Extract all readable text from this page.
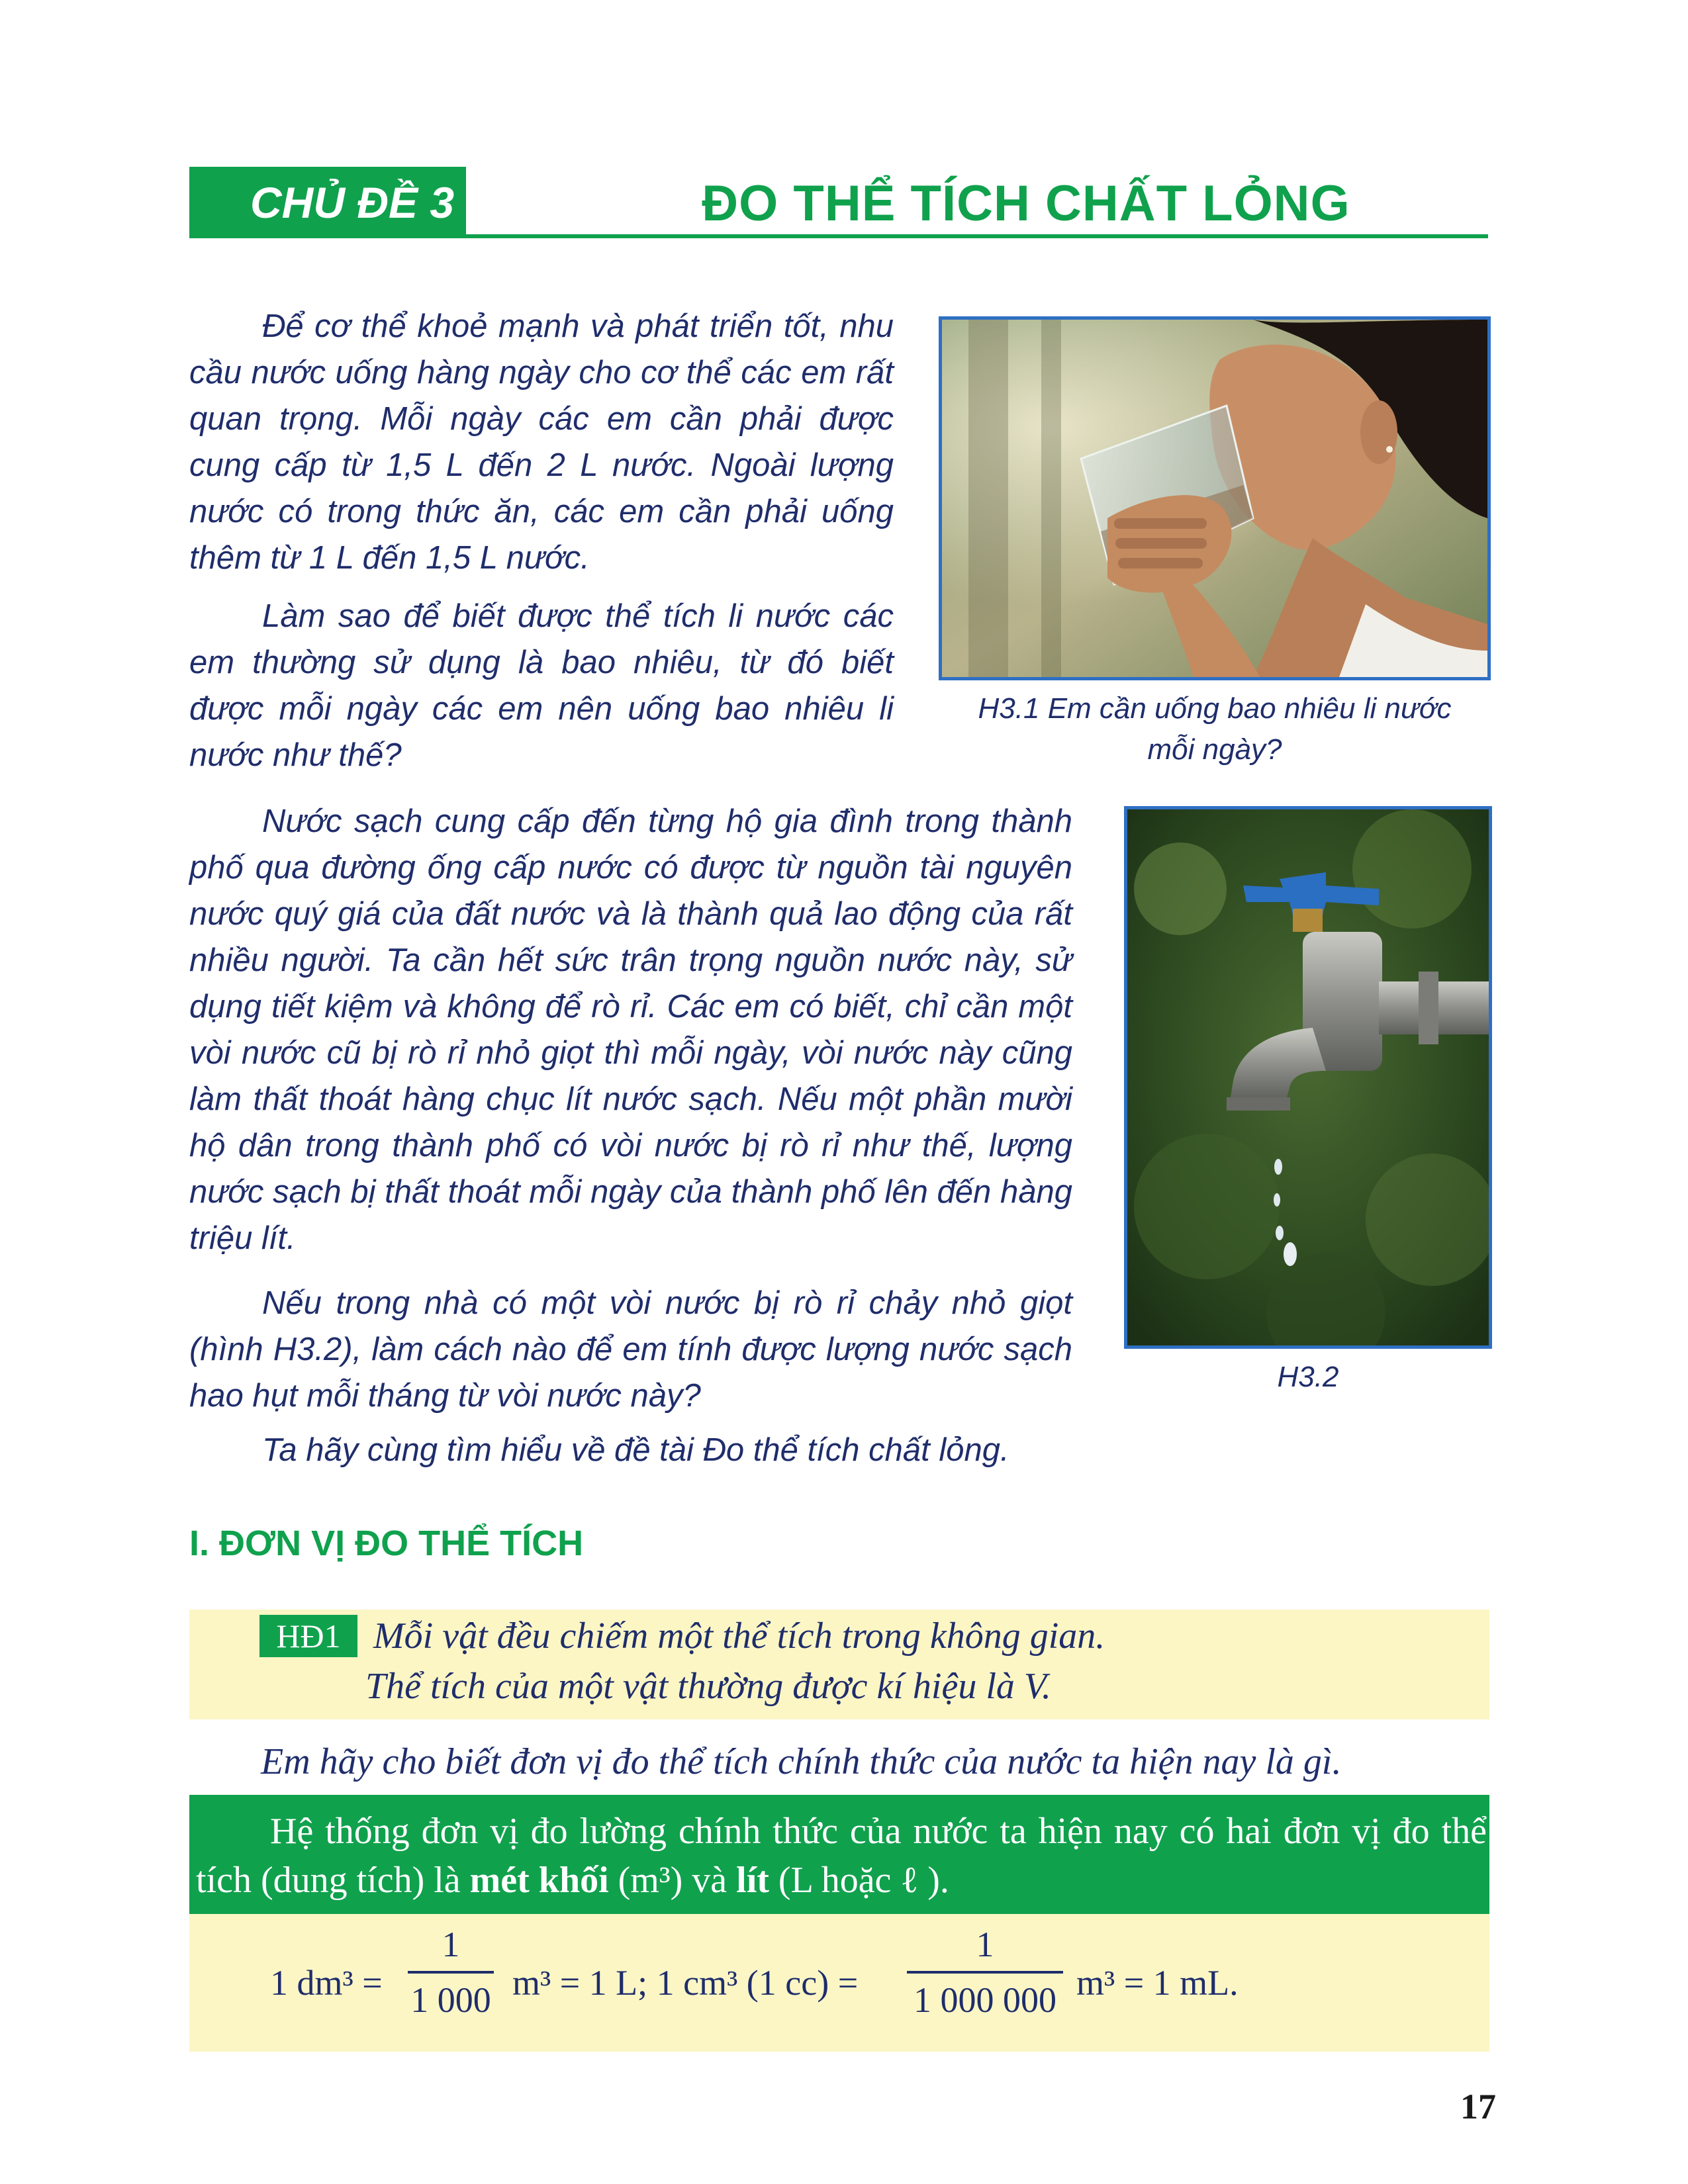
CHỦ ĐỀ 3	ĐO THỂ TÍCH CHẤT LỎNG

Để cơ thể khoẻ mạnh và phát triển tốt, nhu cầu nước uống hàng ngày cho cơ thể các em rất quan trọng. Mỗi ngày các em cần phải được cung cấp từ 1,5 L đến 2 L nước. Ngoài lượng nước có trong thức ăn, các em cần phải uống thêm từ 1 L đến 1,5 L nước.

Làm sao để biết được thể tích li nước các em thường sử dụng là bao nhiêu, từ đó biết được mỗi ngày các em nên uống bao nhiêu li nước như thế?

Nước sạch cung cấp đến từng hộ gia đình trong thành phố qua đường ống cấp nước có được từ nguồn tài nguyên nước quý giá của đất nước và là thành quả lao động của rất nhiều người. Ta cần hết sức trân trọng nguồn nước này, sử dụng tiết kiệm và không để rò rỉ. Các em có biết, chỉ cần một vòi nước cũ bị rò rỉ nhỏ giọt thì mỗi ngày, vòi nước này cũng làm thất thoát hàng chục lít nước sạch. Nếu một phần mười hộ dân trong thành phố có vòi nước bị rò rỉ như thế, lượng nước sạch bị thất thoát mỗi ngày của thành phố lên đến hàng triệu lít.

Nếu trong nhà có một vòi nước bị rò rỉ chảy nhỏ giọt (hình H3.2), làm cách nào để em tính được lượng nước sạch hao hụt mỗi tháng từ vòi nước này?

Ta hãy cùng tìm hiểu về đề tài Đo thể tích chất lỏng.

H3.1 Em cần uống bao nhiêu li nước
mỗi ngày?
H3.2
I. ĐƠN VỊ ĐO THỂ TÍCH
HĐ1 Mỗi vật đều chiếm một thể tích trong không gian.
Thể tích của một vật thường được kí hiệu là V.
Em hãy cho biết đơn vị đo thể tích chính thức của nước ta hiện nay là gì.
Hệ thống đơn vị đo lường chính thức của nước ta hiện nay có hai đơn vị đo thể tích (dung tích) là mét khối (m³) và lít (L hoặc ℓ ).
1 dm³ =
1
1 000 m³ = 1 L; 1 cm³ (1 cc) =
1
1 000 000 m³ = 1 mL.
17
